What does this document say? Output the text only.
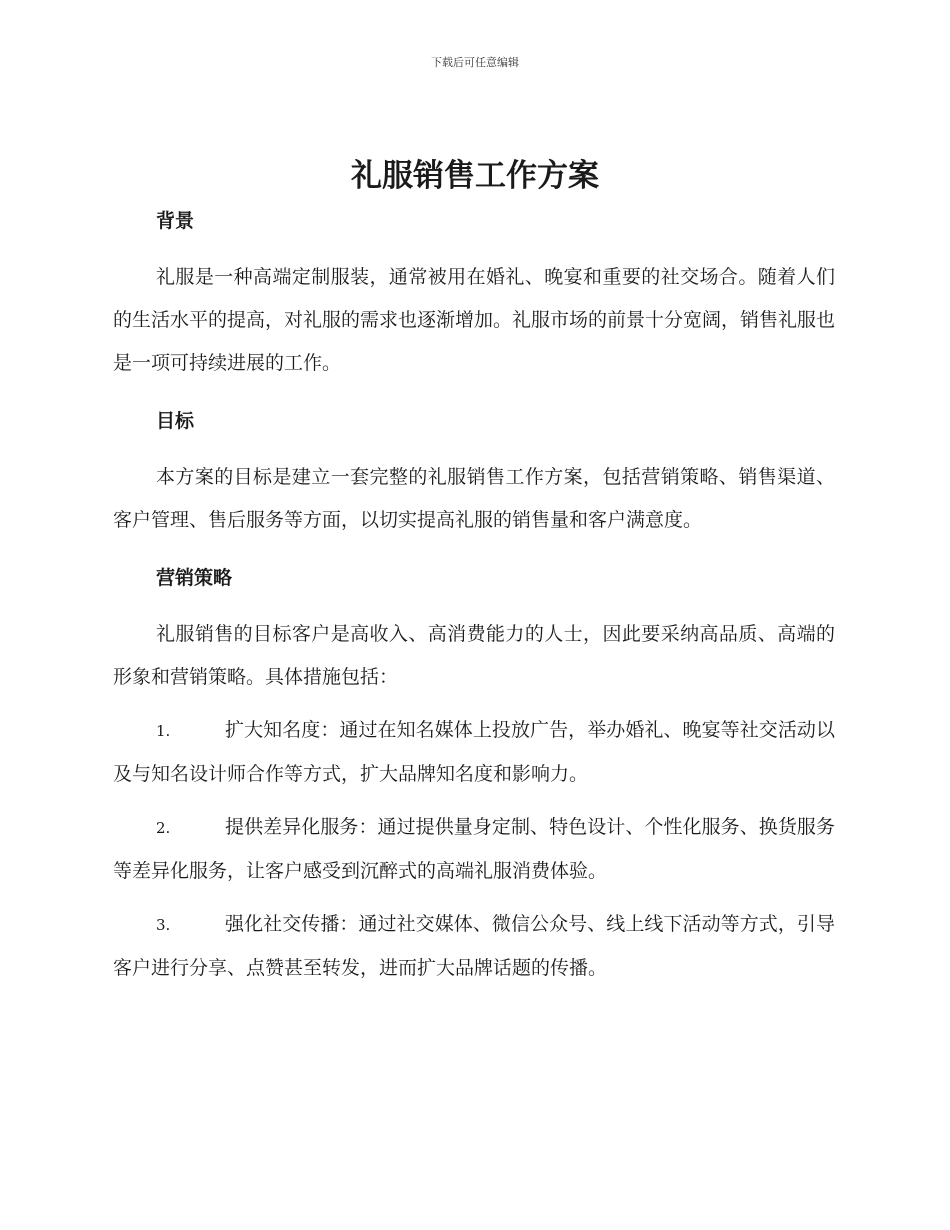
下载后可任意编辑
礼服销售工作方案
背景

礼服是一种高端定制服装，通常被用在婚礼、晚宴和重要的社交场合。随着人们的生活水平的提高，对礼服的需求也逐渐增加。礼服市场的前景十分宽阔，销售礼服也是一项可持续进展的工作。

目标

本方案的目标是建立一套完整的礼服销售工作方案，包括营销策略、销售渠道、客户管理、售后服务等方面，以切实提高礼服的销售量和客户满意度。

营销策略

礼服销售的目标客户是高收入、高消费能力的人士，因此要采纳高品质、高端的形象和营销策略。具体措施包括：

1.	扩大知名度：通过在知名媒体上投放广告，举办婚礼、晚宴等社交活动以及与知名设计师合作等方式，扩大品牌知名度和影响力。

2.	提供差异化服务：通过提供量身定制、特色设计、个性化服务、换货服务等差异化服务，让客户感受到沉醉式的高端礼服消费体验。

3.	强化社交传播：通过社交媒体、微信公众号、线上线下活动等方式，引导客户进行分享、点赞甚至转发，进而扩大品牌话题的传播。
